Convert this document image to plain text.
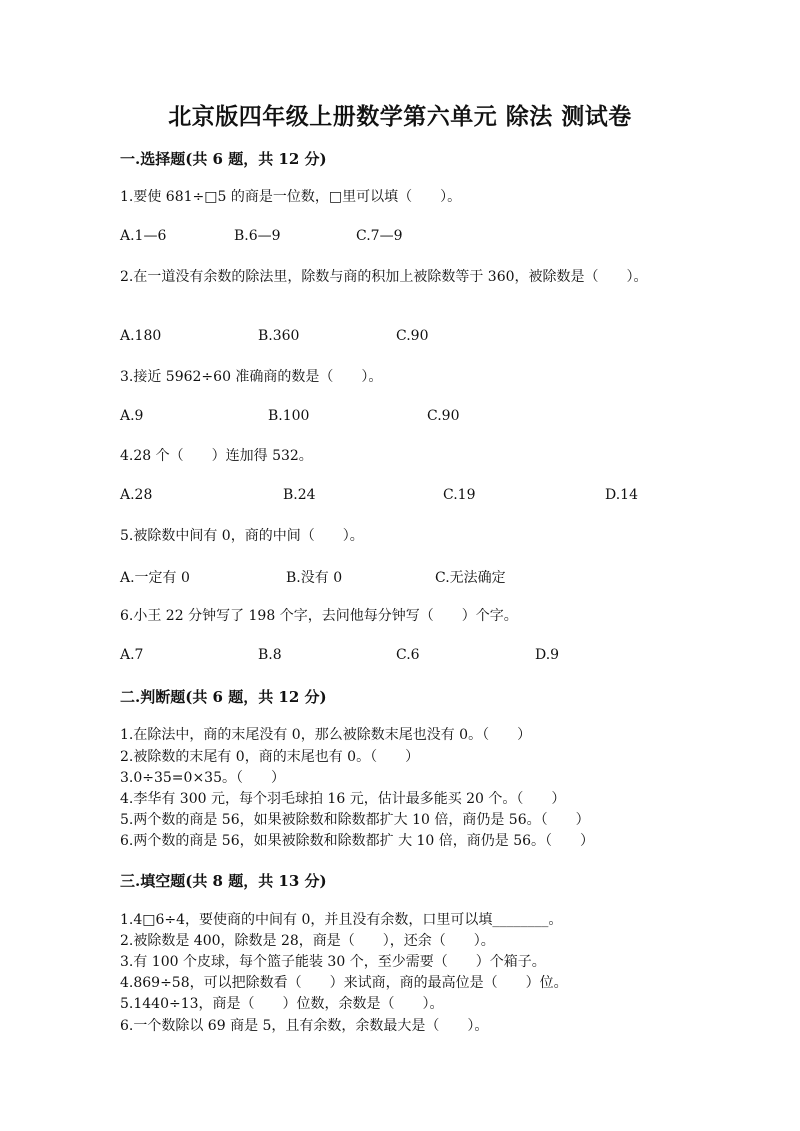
北京版四年级上册数学第六单元 除法 测试卷
一.选择题(共 6 题，共 12 分)
1.要使 681÷□5 的商是一位数，□里可以填（　　）。
A.1—6	B.6—9	C.7—9
2.在一道没有余数的除法里，除数与商的积加上被除数等于 360，被除数是（　　）。
A.180	B.360	C.90
3.接近 5962÷60 准确商的数是（　　）。
A.9	B.100	C.90
4.28 个（　　）连加得 532。
A.28	B.24	C.19	D.14
5.被除数中间有 0，商的中间（　　）。
A.一定有 0	B.没有 0	C.无法确定
6.小王 22 分钟写了 198 个字，去问他每分钟写（　　）个字。
A.7	B.8	C.6	D.9
二.判断题(共 6 题，共 12 分)
1.在除法中，商的末尾没有 0，那么被除数末尾也没有 0。（　　）
2.被除数的末尾有 0，商的末尾也有 0。（　　）
3.0÷35=0×35。（　　）
4.李华有 300 元，每个羽毛球拍 16 元，估计最多能买 20 个。（　　）
5.两个数的商是 56，如果被除数和除数都扩大 10 倍，商仍是 56。（　　）
6.两个数的商是 56，如果被除数和除数都扩 大 10 倍，商仍是 56。（　　）
三.填空题(共 8 题，共 13 分)
1.4□6÷4，要使商的中间有 0，并且没有余数，口里可以填________。
2.被除数是 400，除数是 28，商是（　　），还余（　　）。
3.有 100 个皮球，每个篮子能装 30 个，至少需要（　　）个箱子。
4.869÷58，可以把除数看（　　）来试商，商的最高位是（　　）位。
5.1440÷13，商是（　　）位数，余数是（　　）。
6.一个数除以 69 商是 5，且有余数，余数最大是（　　）。
